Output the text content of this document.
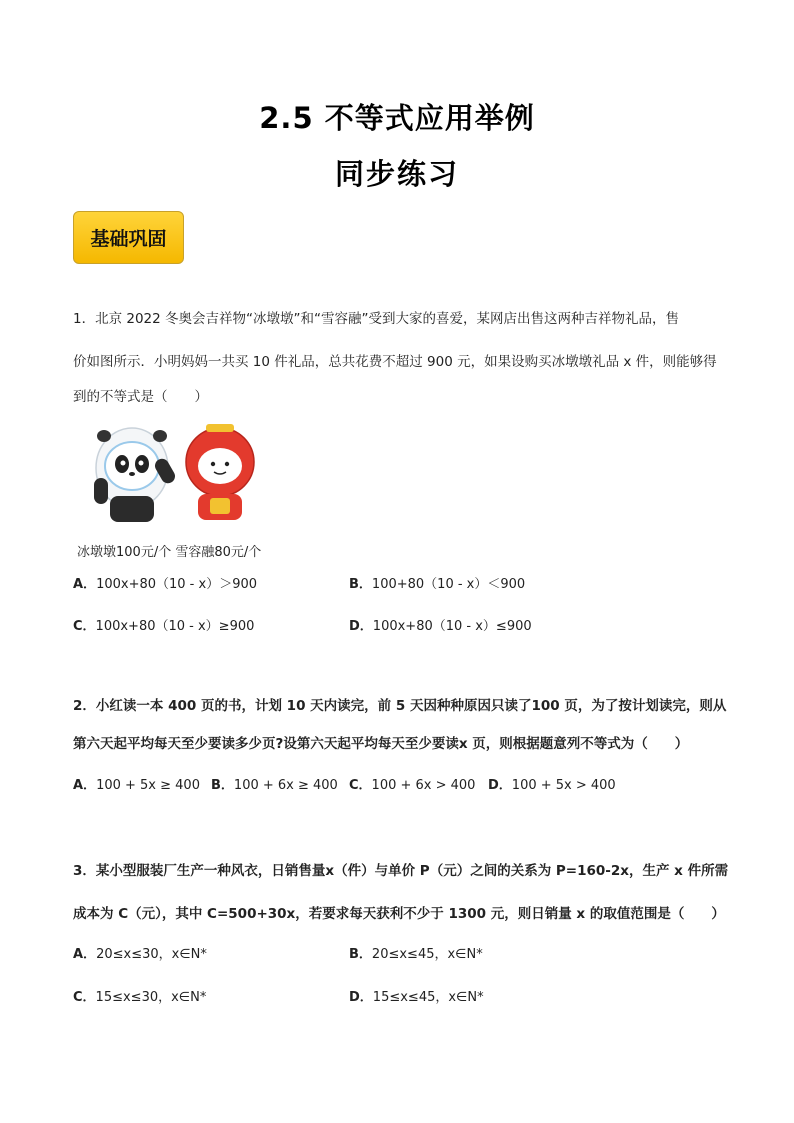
2.5 不等式应用举例
同步练习
基础巩固
1．北京 2022 冬奥会吉祥物“冰墩墩”和“雪容融”受到大家的喜爱，某网店出售这两种吉祥物礼品，售
价如图所示．小明妈妈一共买 10 件礼品，总共花费不超过 900 元，如果设购买冰墩墩礼品 x 件，则能够得
到的不等式是（　　）
冰墩墩100元/个 雪容融80元/个
A．100x+80（10 - x）＞900	B．100+80（10 - x）＜900
C．100x+80（10 - x）≥900	D．100x+80（10 - x）≤900
2．小红读一本 400 页的书，计划 10 天内读完，前 5 天因种种原因只读了100 页，为了按计划读完，则从
第六天起平均每天至少要读多少页?设第六天起平均每天至少要读x 页，则根据题意列不等式为（　　）
A．100 + 5x ≥ 400 B．100 + 6x ≥ 400 C．100 + 6x > 400 D．100 + 5x > 400
3．某小型服装厂生产一种风衣，日销售量x（件）与单价 P（元）之间的关系为 P=160-2x，生产 x 件所需
成本为 C（元），其中 C=500+30x，若要求每天获利不少于 1300 元，则日销量 x 的取值范围是（　　）
A．20≤x≤30，x∈N*	B．20≤x≤45，x∈N*
C．15≤x≤30，x∈N*	D．15≤x≤45，x∈N*
